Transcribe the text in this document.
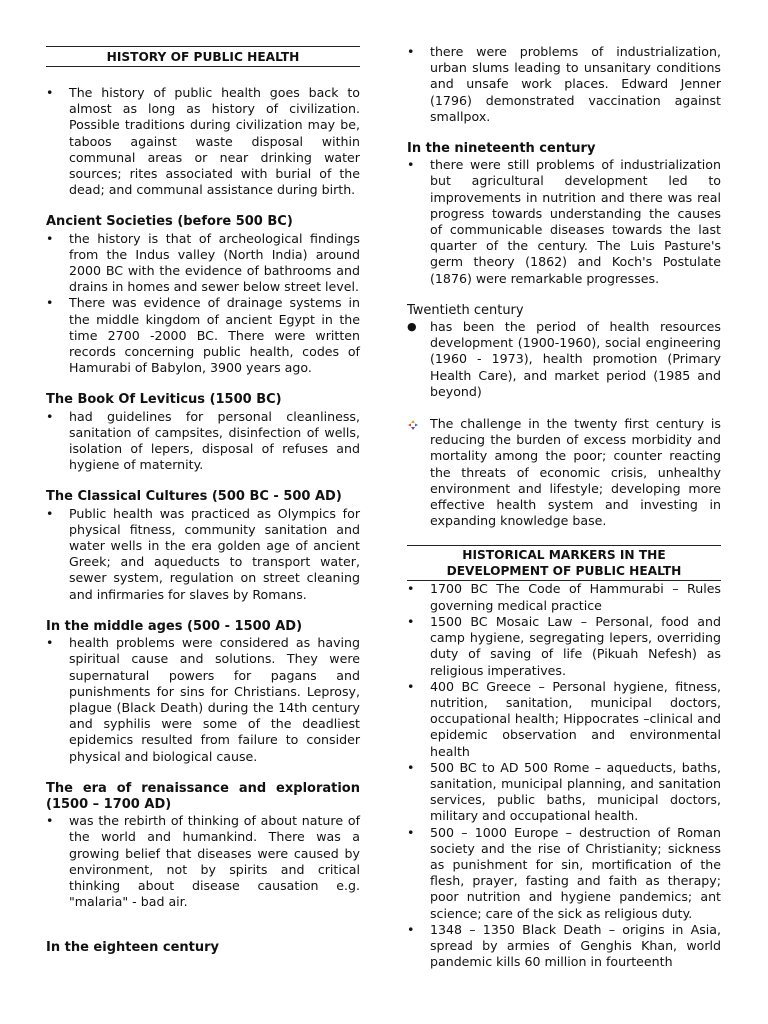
HISTORY OF PUBLIC HEALTH
•	The history of public health goes back to almost as long as history of civilization. Possible traditions during civilization may be, taboos against waste disposal within communal areas or near drinking water sources; rites associated with burial of the dead; and communal assistance during birth.
Ancient Societies (before 500 BC)
•	the history is that of archeological findings from the Indus valley (North India) around 2000 BC with the evidence of bathrooms and drains in homes and sewer below street level.
•	There was evidence of drainage systems in the middle kingdom of ancient Egypt in the time 2700 -2000 BC. There were written records concerning public health, codes of Hamurabi of Babylon, 3900 years ago.
The Book Of Leviticus (1500 BC)
•	had guidelines for personal cleanliness, sanitation of campsites, disinfection of wells, isolation of lepers, disposal of refuses and hygiene of maternity.
The Classical Cultures (500 BC - 500 AD)
•	Public health was practiced as Olympics for physical fitness, community sanitation and water wells in the era golden age of ancient Greek; and aqueducts to transport water, sewer system, regulation on street cleaning and infirmaries for slaves by Romans.
In the middle ages (500 - 1500 AD)
•	health problems were considered as having spiritual cause and solutions. They were supernatural powers for pagans and punishments for sins for Christians. Leprosy, plague (Black Death) during the 14th century and syphilis were some of the deadliest epidemics resulted from failure to consider physical and biological cause.
The era of renaissance and exploration (1500 – 1700 AD)
•	was the rebirth of thinking of about nature of the world and humankind. There was a growing belief that diseases were caused by environment, not by spirits and critical thinking about disease causation e.g. "malaria" - bad air.
In the eighteen century
•	there were problems of industrialization, urban slums leading to unsanitary conditions and unsafe work places. Edward Jenner (1796) demonstrated vaccination against smallpox.
In the nineteenth century
•	there were still problems of industrialization but agricultural development led to improvements in nutrition and there was real progress towards understanding the causes of communicable diseases towards the last quarter of the century. The Luis Pasture's germ theory (1862) and Koch's Postulate (1876) were remarkable progresses.
Twentieth century
● has been the period of health resources development (1900-1960), social engineering (1960 - 1973), health promotion (Primary Health Care), and market period (1985 and beyond)
The challenge in the twenty first century is reducing the burden of excess morbidity and mortality among the poor; counter reacting the threats of economic crisis, unhealthy environment and lifestyle; developing more effective health system and investing in expanding knowledge base.
HISTORICAL MARKERS IN THE
DEVELOPMENT OF PUBLIC HEALTH
•	1700 BC The Code of Hammurabi – Rules governing medical practice
•	1500 BC Mosaic Law – Personal, food and camp hygiene, segregating lepers, overriding duty of saving of life (Pikuah Nefesh) as religious imperatives.
•	400 BC Greece – Personal hygiene, fitness, nutrition, sanitation, municipal doctors, occupational health; Hippocrates –clinical and epidemic observation and environmental health
•	500 BC to AD 500 Rome – aqueducts, baths, sanitation, municipal planning, and sanitation services, public baths, municipal doctors, military and occupational health.
•	500 – 1000 Europe – destruction of Roman society and the rise of Christianity; sickness as punishment for sin, mortification of the flesh, prayer, fasting and faith as therapy; poor nutrition and hygiene pandemics; ant science; care of the sick as religious duty.
•	1348 – 1350 Black Death – origins in Asia, spread by armies of Genghis Khan, world pandemic kills 60 million in fourteenth
